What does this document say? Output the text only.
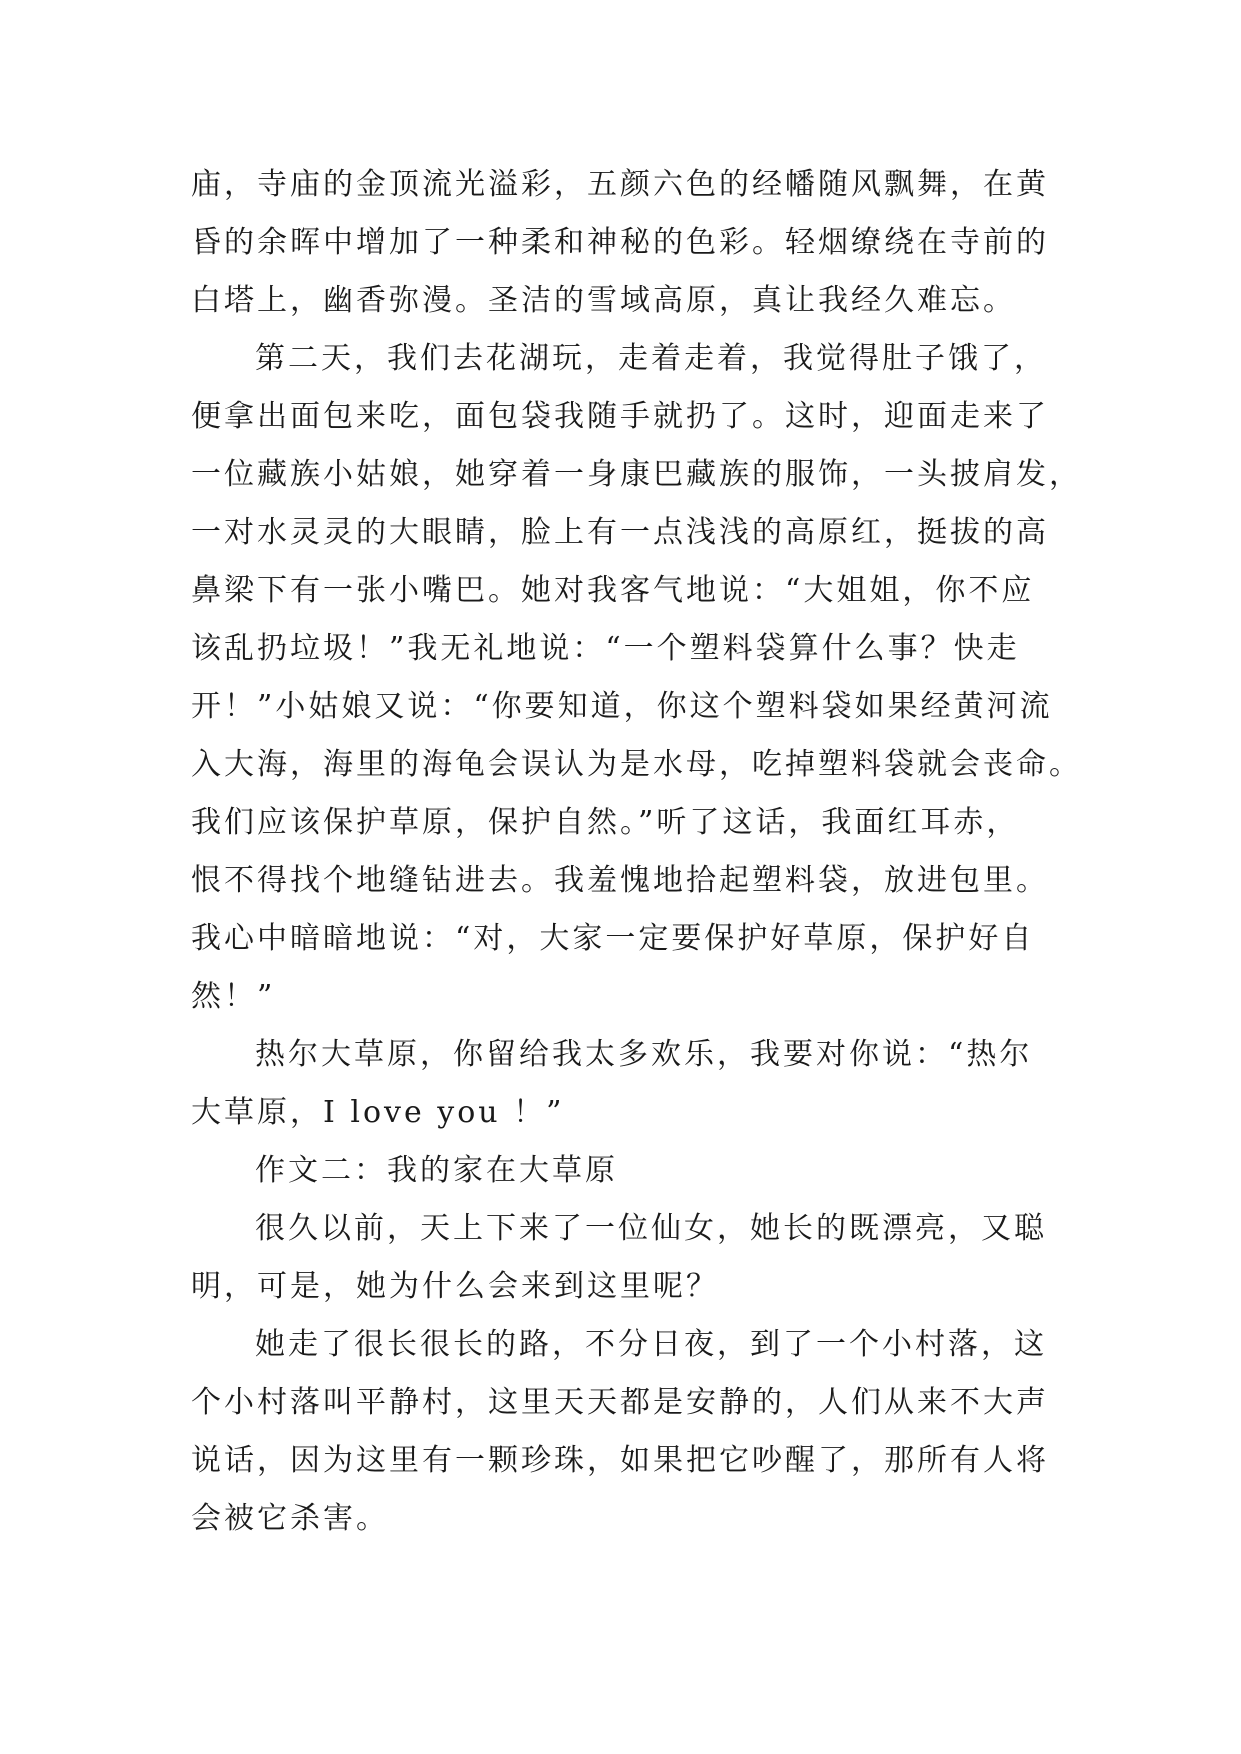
庙，寺庙的金顶流光溢彩，五颜六色的经幡随风飘舞，在黄
昏的余晖中增加了一种柔和神秘的色彩。轻烟缭绕在寺前的
白塔上，幽香弥漫。圣洁的雪域高原，真让我经久难忘。
第二天，我们去花湖玩，走着走着，我觉得肚子饿了，
便拿出面包来吃，面包袋我随手就扔了。这时，迎面走来了
一位藏族小姑娘，她穿着一身康巴藏族的服饰，一头披肩发，
一对水灵灵的大眼睛，脸上有一点浅浅的高原红，挺拔的高
鼻梁下有一张小嘴巴。她对我客气地说：“大姐姐，你不应
该乱扔垃圾！”我无礼地说：“一个塑料袋算什么事？快走
开！”小姑娘又说：“你要知道，你这个塑料袋如果经黄河流
入大海，海里的海龟会误认为是水母，吃掉塑料袋就会丧命。
我们应该保护草原，保护自然。”听了这话，我面红耳赤，
恨不得找个地缝钻进去。我羞愧地拾起塑料袋，放进包里。
我心中暗暗地说：“对，大家一定要保护好草原，保护好自
然！”
热尔大草原，你留给我太多欢乐，我要对你说：“热尔
大草原，I love you ！”
作文二：我的家在大草原
很久以前，天上下来了一位仙女，她长的既漂亮，又聪
明，可是，她为什么会来到这里呢？
她走了很长很长的路，不分日夜，到了一个小村落，这
个小村落叫平静村，这里天天都是安静的，人们从来不大声
说话，因为这里有一颗珍珠，如果把它吵醒了，那所有人将
会被它杀害。
